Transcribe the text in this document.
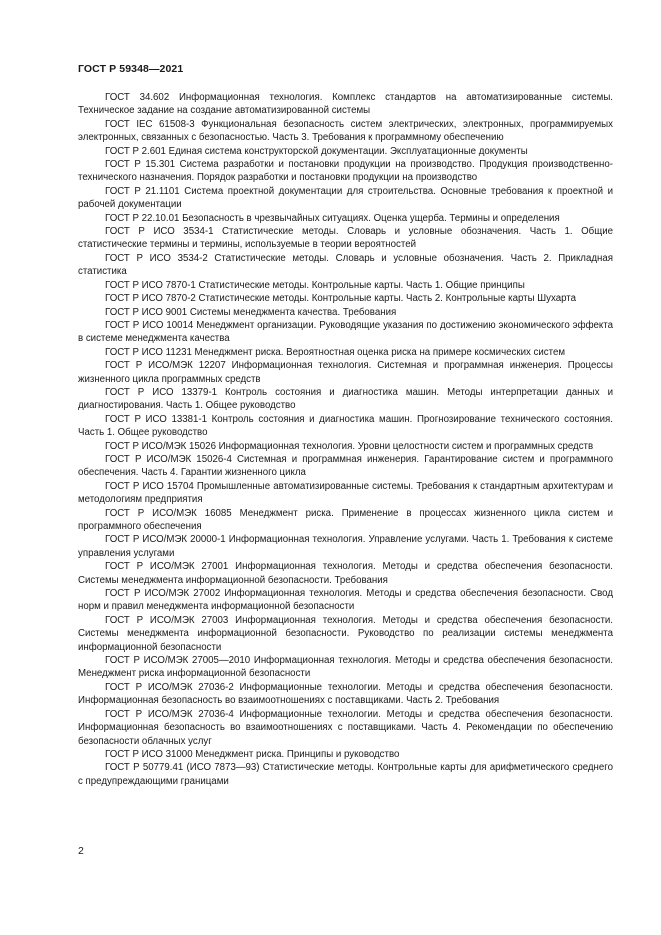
ГОСТ Р 59348—2021
ГОСТ 34.602 Информационная технология. Комплекс стандартов на автоматизированные системы. Техническое задание на создание автоматизированной системы
ГОСТ IEC 61508-3 Функциональная безопасность систем электрических, электронных, программируемых электронных, связанных с безопасностью. Часть 3. Требования к программному обеспечению
ГОСТ Р 2.601 Единая система конструкторской документации. Эксплуатационные документы
ГОСТ Р 15.301 Система разработки и постановки продукции на производство. Продукция производственно-технического назначения. Порядок разработки и постановки продукции на производство
ГОСТ Р 21.1101 Система проектной документации для строительства. Основные требования к проектной и рабочей документации
ГОСТ Р 22.10.01 Безопасность в чрезвычайных ситуациях. Оценка ущерба. Термины и определения
ГОСТ Р ИСО 3534-1 Статистические методы. Словарь и условные обозначения. Часть 1. Общие статистические термины и термины, используемые в теории вероятностей
ГОСТ Р ИСО 3534-2 Статистические методы. Словарь и условные обозначения. Часть 2. Прикладная статистика
ГОСТ Р ИСО 7870-1 Статистические методы. Контрольные карты. Часть 1. Общие принципы
ГОСТ Р ИСО 7870-2 Статистические методы. Контрольные карты. Часть 2. Контрольные карты Шухарта
ГОСТ Р ИСО 9001 Системы менеджмента качества. Требования
ГОСТ Р ИСО 10014 Менеджмент организации. Руководящие указания по достижению экономического эффекта в системе менеджмента качества
ГОСТ Р ИСО 11231 Менеджмент риска. Вероятностная оценка риска на примере космических систем
ГОСТ Р ИСО/МЭК 12207 Информационная технология. Системная и программная инженерия. Процессы жизненного цикла программных средств
ГОСТ Р ИСО 13379-1 Контроль состояния и диагностика машин. Методы интерпретации данных и диагностирования. Часть 1. Общее руководство
ГОСТ Р ИСО 13381-1 Контроль состояния и диагностика машин. Прогнозирование технического состояния. Часть 1. Общее руководство
ГОСТ Р ИСО/МЭК 15026 Информационная технология. Уровни целостности систем и программных средств
ГОСТ Р ИСО/МЭК 15026-4 Системная и программная инженерия. Гарантирование систем и программного обеспечения. Часть 4. Гарантии жизненного цикла
ГОСТ Р ИСО 15704 Промышленные автоматизированные системы. Требования к стандартным архитектурам и методологиям предприятия
ГОСТ Р ИСО/МЭК 16085 Менеджмент риска. Применение в процессах жизненного цикла систем и программного обеспечения
ГОСТ Р ИСО/МЭК 20000-1 Информационная технология. Управление услугами. Часть 1. Требования к системе управления услугами
ГОСТ Р ИСО/МЭК 27001 Информационная технология. Методы и средства обеспечения безопасности. Системы менеджмента информационной безопасности. Требования
ГОСТ Р ИСО/МЭК 27002 Информационная технология. Методы и средства обеспечения безопасности. Свод норм и правил менеджмента информационной безопасности
ГОСТ Р ИСО/МЭК 27003 Информационная технология. Методы и средства обеспечения безопасности. Системы менеджмента информационной безопасности. Руководство по реализации системы менеджмента информационной безопасности
ГОСТ Р ИСО/МЭК 27005—2010 Информационная технология. Методы и средства обеспечения безопасности. Менеджмент риска информационной безопасности
ГОСТ Р ИСО/МЭК 27036-2 Информационные технологии. Методы и средства обеспечения безопасности. Информационная безопасность во взаимоотношениях с поставщиками. Часть 2. Требования
ГОСТ Р ИСО/МЭК 27036-4 Информационные технологии. Методы и средства обеспечения безопасности. Информационная безопасность во взаимоотношениях с поставщиками. Часть 4. Рекомендации по обеспечению безопасности облачных услуг
ГОСТ Р ИСО 31000 Менеджмент риска. Принципы и руководство
ГОСТ Р 50779.41 (ИСО 7873—93) Статистические методы. Контрольные карты для арифметического среднего с предупреждающими границами
2
